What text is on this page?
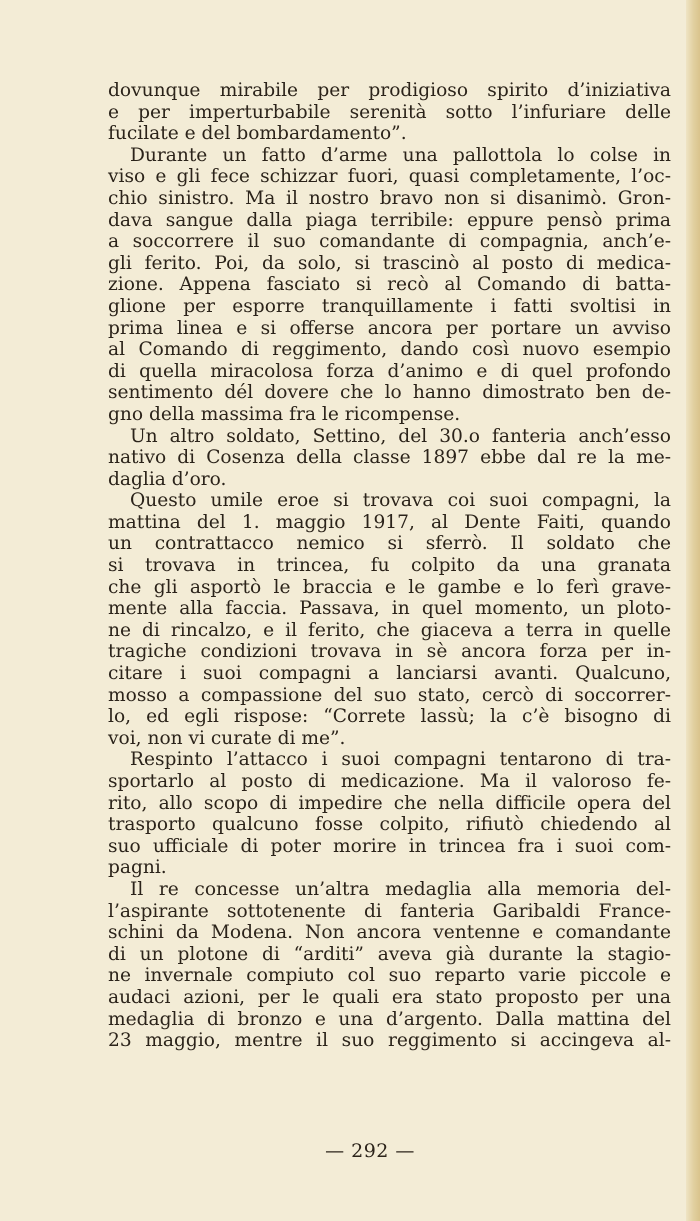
dovunque mirabile per prodigioso spirito d’iniziativa
e per imperturbabile serenità sotto l’infuriare delle
fucilate e del bombardamento”.
Durante un fatto d’arme una pallottola lo colse in
viso e gli fece schizzar fuori, quasi completamente, l’oc-
chio sinistro. Ma il nostro bravo non si disanimò. Gron-
dava sangue dalla piaga terribile: eppure pensò prima
a soccorrere il suo comandante di compagnia, anch’e-
gli ferito. Poi, da solo, si trascinò al posto di medica-
zione. Appena fasciato si recò al Comando di batta-
glione per esporre tranquillamente i fatti svoltisi in
prima linea e si offerse ancora per portare un avviso
al Comando di reggimento, dando così nuovo esempio
di quella miracolosa forza d’animo e di quel profondo
sentimento dél dovere che lo hanno dimostrato ben de-
gno della massima fra le ricompense.
Un altro soldato, Settino, del 30.o fanteria anch’esso
nativo di Cosenza della classe 1897 ebbe dal re la me-
daglia d’oro.
Questo umile eroe si trovava coi suoi compagni, la
mattina del 1. maggio 1917, al Dente Faiti, quando
un contrattacco nemico si sferrò. Il soldato che
si trovava in trincea, fu colpito da una granata
che gli asportò le braccia e le gambe e lo ferì grave-
mente alla faccia. Passava, in quel momento, un ploto-
ne di rincalzo, e il ferito, che giaceva a terra in quelle
tragiche condizioni trovava in sè ancora forza per in-
citare i suoi compagni a lanciarsi avanti. Qualcuno,
mosso a compassione del suo stato, cercò di soccorrer-
lo, ed egli rispose: “Correte lassù; la c’è bisogno di
voi, non vi curate di me”.
Respinto l’attacco i suoi compagni tentarono di tra-
sportarlo al posto di medicazione. Ma il valoroso fe-
rito, allo scopo di impedire che nella difficile opera del
trasporto qualcuno fosse colpito, rifiutò chiedendo al
suo ufficiale di poter morire in trincea fra i suoi com-
pagni.
Il re concesse un’altra medaglia alla memoria del-
l’aspirante sottotenente di fanteria Garibaldi France-
schini da Modena. Non ancora ventenne e comandante
di un plotone di “arditi” aveva già durante la stagio-
ne invernale compiuto col suo reparto varie piccole e
audaci azioni, per le quali era stato proposto per una
medaglia di bronzo e una d’argento. Dalla mattina del
23 maggio, mentre il suo reggimento si accingeva al-
— 292 —
